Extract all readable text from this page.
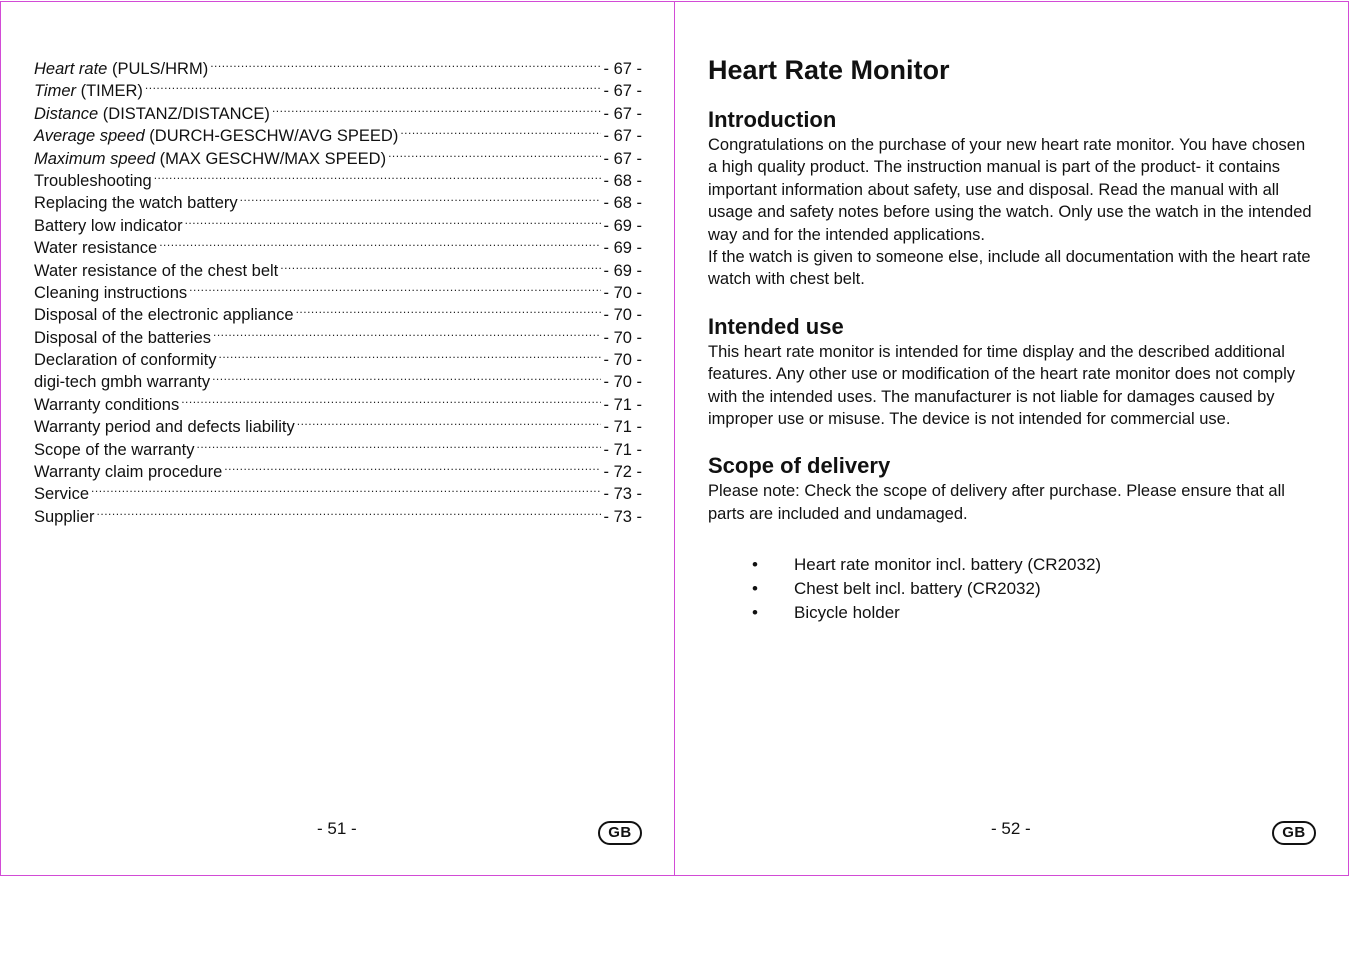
Heart rate (PULS/HRM) .....	- 67 -
Timer (TIMER) .....	- 67 -
Distance (DISTANZ/DISTANCE) .....	- 67 -
Average speed (DURCH-GESCHW/AVG SPEED) .....	- 67 -
Maximum speed (MAX GESCHW/MAX SPEED) .....	- 67 -
Troubleshooting .....	- 68 -
Replacing the watch battery .....	- 68 -
Battery low indicator .....	- 69 -
Water resistance .....	- 69 -
Water resistance of the chest belt .....	- 69 -
Cleaning instructions .....	- 70 -
Disposal of the electronic appliance .....	- 70 -
Disposal of the batteries .....	- 70 -
Declaration of conformity .....	- 70 -
digi-tech gmbh warranty .....	- 70 -
Warranty conditions .....	- 71 -
Warranty period and defects liability .....	- 71 -
Scope of the warranty .....	- 71 -
Warranty claim procedure .....	- 72 -
Service .....	- 73 -
Supplier .....	- 73 -
- 51 -	GB
Heart Rate Monitor
Introduction

Congratulations on the purchase of your new heart rate monitor. You have chosen a high quality product. The instruction manual is part of the product- it contains important information about safety, use and disposal. Read the manual with all usage and safety notes before using the watch. Only use the watch in the intended way and for the intended applications.

If the watch is given to someone else, include all documentation with the heart rate watch with chest belt.

Intended use

This heart rate monitor is intended for time display and the described additional features. Any other use or modification of the heart rate monitor does not comply with the intended uses. The manufacturer is not liable for damages caused by improper use or misuse. The device is not intended for commercial use.

Scope of delivery

Please note: Check the scope of delivery after purchase. Please ensure that all parts are included and undamaged.

• Heart rate monitor incl. battery (CR2032)
• Chest belt incl. battery (CR2032)
• Bicycle holder
- 52 -	GB
